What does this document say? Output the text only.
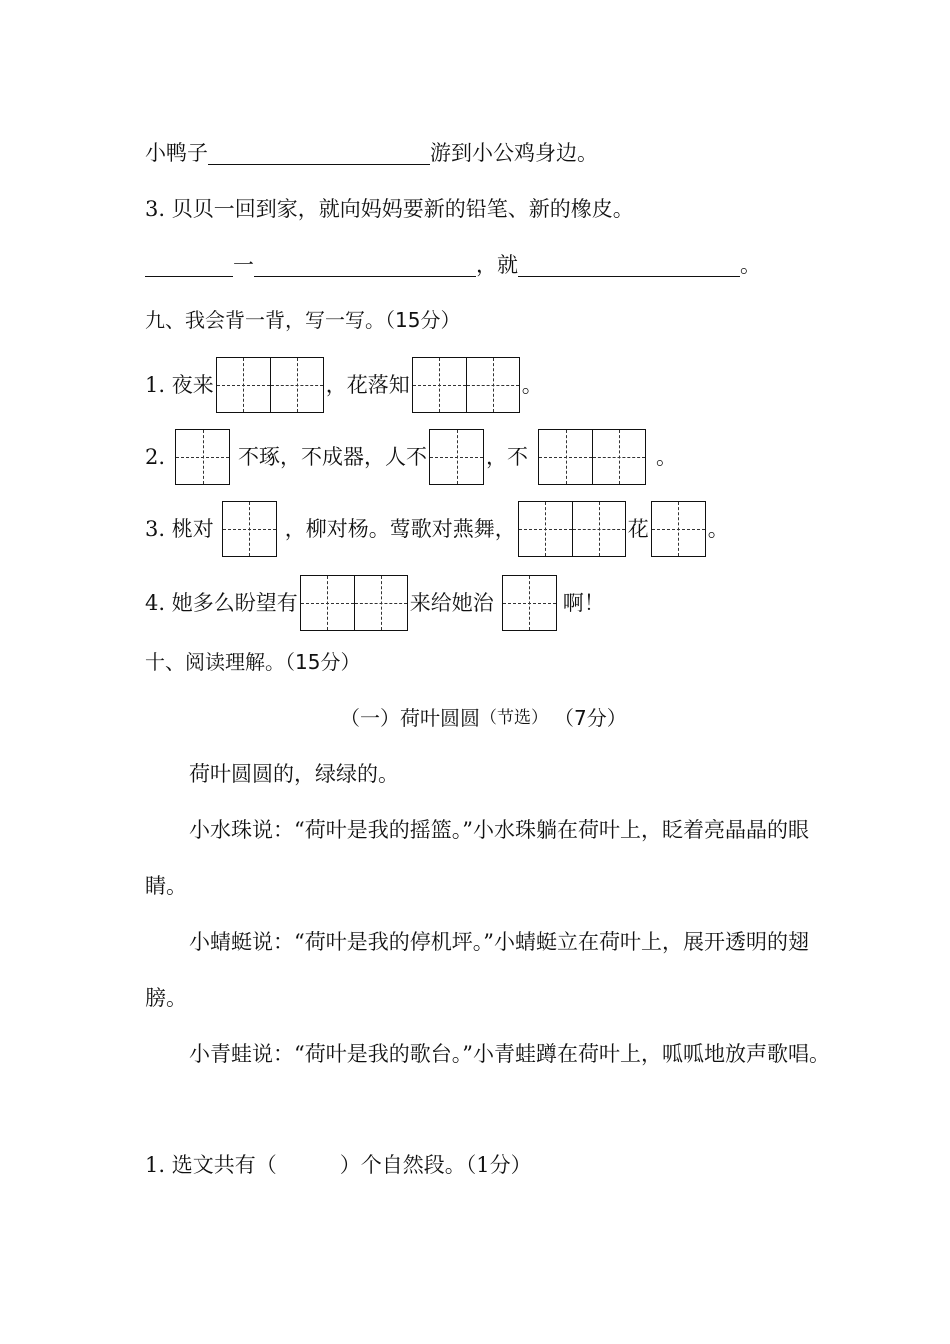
小鸭子	游到小公鸡身边。
3. 贝贝一回到家，就向妈妈要新的铅笔、新的橡皮。
一	，就	。
九、我会背一背，写一写。（15分）
1. 夜来	，花落知	。
2.	不琢，不成器，人不	，不	。
3. 桃对	，柳对杨。莺歌对燕舞，	花	。
4. 她多么盼望有	来给她治	啊！
十、阅读理解。（15分）
（一）荷叶圆圆 （节选） （7分）
荷叶圆圆的，绿绿的。
小水珠说：“荷叶是我的摇篮。”小水珠躺在荷叶上，眨着亮晶晶的眼睛。
小蜻蜓说：“荷叶是我的停机坪。”小蜻蜓立在荷叶上，展开透明的翅膀。
小青蛙说：“荷叶是我的歌台。”小青蛙蹲在荷叶上，呱呱地放声歌唱。
1. 选文共有（　　　）个自然段。（1分）
